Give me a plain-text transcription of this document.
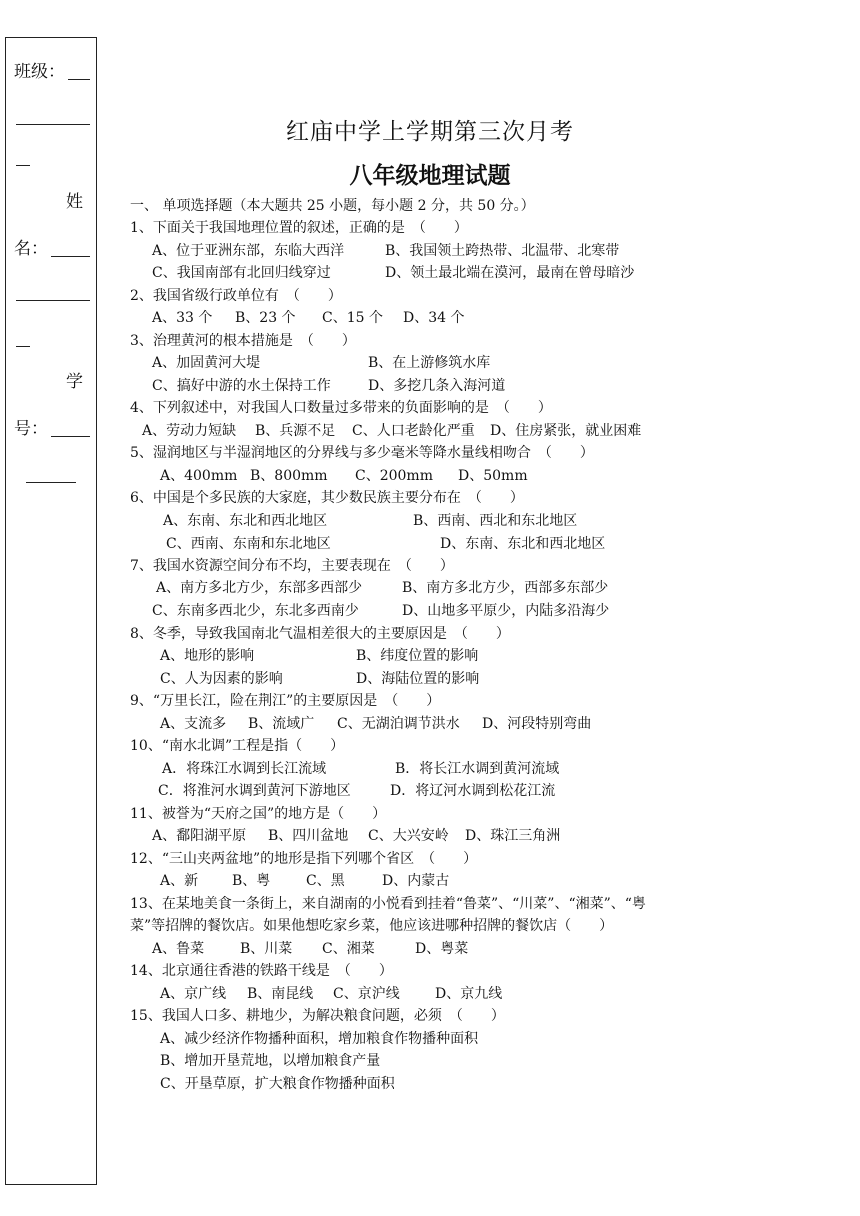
班级：
姓
名：
学
号：
红庙中学上学期第三次月考
八年级地理试题
一、 单项选择题（本大题共 25 小题，每小题 2 分，共 50 分。）
1、下面关于我国地理位置的叙述，正确的是　（　　）
A、位于亚洲东部，东临大西洋	B、我国领土跨热带、北温带、北寒带
C、我国南部有北回归线穿过	D、领土最北端在漠河，最南在曾母暗沙
2、我国省级行政单位有　（　　）
A、33 个 B、23 个 C、15 个 D、34 个
3、治理黄河的根本措施是　（　　）
A、加固黄河大堤	B、在上游修筑水库
C、搞好中游的水土保持工作	D、多挖几条入海河道
4、下列叙述中，对我国人口数量过多带来的负面影响的是　（　　）
A、劳动力短缺 B、兵源不足 C、人口老龄化严重 D、住房紧张，就业困难
5、湿润地区与半湿润地区的分界线与多少毫米等降水量线相吻合　（　　）
A、400mm B、800mm C、200mm D、50mm
6、中国是个多民族的大家庭，其少数民族主要分布在　（　　）
A、东南、东北和西北地区	B、西南、西北和东北地区
C、西南、东南和东北地区	D、东南、东北和西北地区
7、我国水资源空间分布不均，主要表现在　（　　）
A、南方多北方少，东部多西部少	B、南方多北方少，西部多东部少
C、东南多西北少，东北多西南少	D、山地多平原少，内陆多沿海少
8、冬季，导致我国南北气温相差很大的主要原因是　（　　）
A、地形的影响	B、纬度位置的影响
C、人为因素的影响	D、海陆位置的影响
9、“万里长江，险在荆江”的主要原因是　（　　）
A、支流多 B、流域广 C、无湖泊调节洪水 D、河段特别弯曲
10、“南水北调”工程是指（　　）
A．将珠江水调到长江流域	B．将长江水调到黄河流域
C．将淮河水调到黄河下游地区	D．将辽河水调到松花江流
11、被誉为“天府之国”的地方是（　　）
A、鄱阳湖平原 B、四川盆地 C、大兴安岭 D、珠江三角洲
12、“三山夹两盆地”的地形是指下列哪个省区　（　　）
A、新 B、粤	C、黑	D、内蒙古
13、在某地美食一条街上，来自湖南的小悦看到挂着“鲁菜”、“川菜”、“湘菜”、“粤
菜”等招牌的餐饮店。如果他想吃家乡菜，他应该进哪种招牌的餐饮店（　　）
A、鲁菜	B、川菜 C、湘菜	D、粤菜
14、北京通往香港的铁路干线是　（　　）
A、京广线 B、南昆线 C、京沪线	D、京九线
15、我国人口多、耕地少，为解决粮食问题，必须　（　　）
A、减少经济作物播种面积，增加粮食作物播种面积
B、增加开垦荒地，以增加粮食产量
C、开垦草原，扩大粮食作物播种面积
